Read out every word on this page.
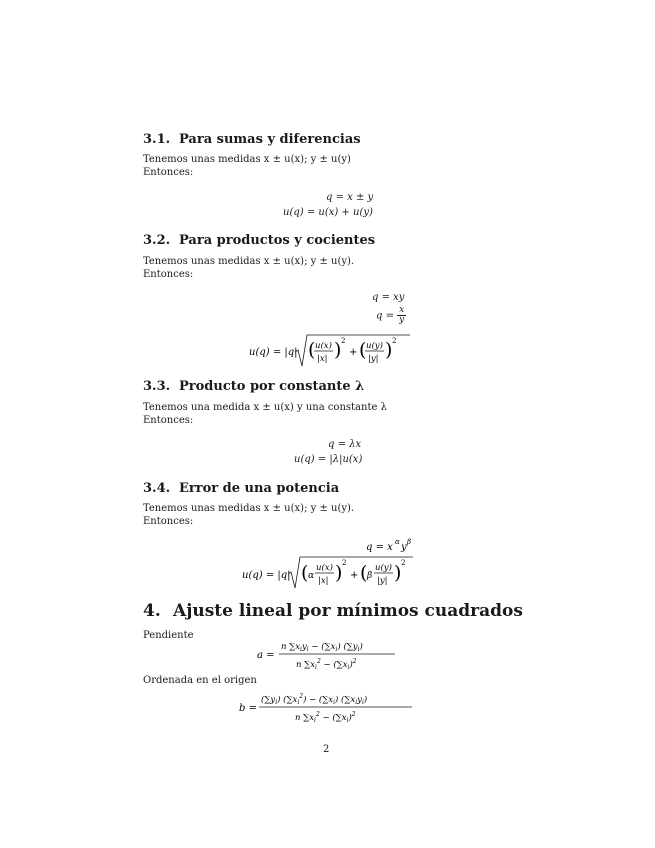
3.1. Para sumas y diferencias
Tenemos unas medidas x ± u(x); y ± u(y)
Entonces:
q = x ± y
u(q) = u(x) + u(y)
3.2. Para productos y cocientes
Tenemos unas medidas x ± u(x); y ± u(y).
Entonces:
q = xy
$q = \frac{x}{y}$
u(q) = |q| ( u(x)
|x| ) 2
+ ( u(y)
|y| ) 2
3.3. Producto por constante λ
Tenemos una medida x ± u(x) y una constante λ
Entonces:
q = λx
u(q) = |λ|u(x)
3.4. Error de una potencia
Tenemos unas medidas x ± u(x); y ± u(y).
Entonces:
q = x α y β
u(q) = |q| ( α
u(x)
|x| ) 2
+ ( β
u(y)
|y| ) 2
4. Ajuste lineal por mínimos cuadrados
Pendiente
a =
n $\sum x_iy_i - (\sum x_i)$ $(\sum y_i)$
n $\sum x_i^2 - (\sum x_i)^2$
Ordenada en el origen
b =
$(\sum y_i) (\sum x_i^2) - (\sum x_i)$ $(\sum x_iy_i)$
n $\sum x_i^2 - (\sum x_i)^2$
2
